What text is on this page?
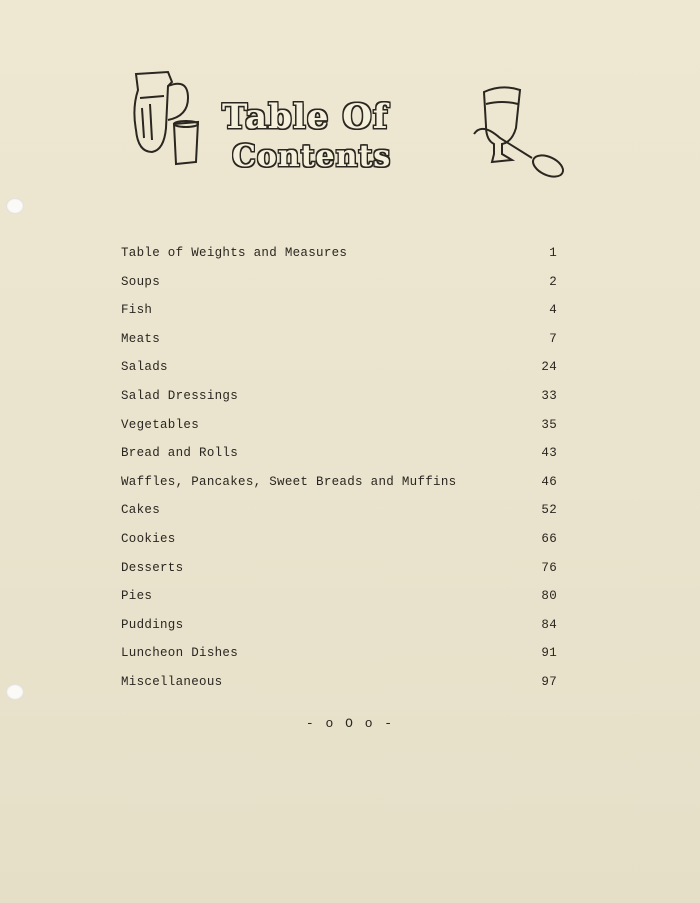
Table Of
Contents
Table of Weights and Measures	1
Soups	2
Fish	4
Meats	7
Salads	24
Salad Dressings	33
Vegetables	35
Bread and Rolls	43
Waffles, Pancakes, Sweet Breads and Muffins	46
Cakes	52
Cookies	66
Desserts	76
Pies	80
Puddings	84
Luncheon Dishes	91
Miscellaneous	97
- o O o -
